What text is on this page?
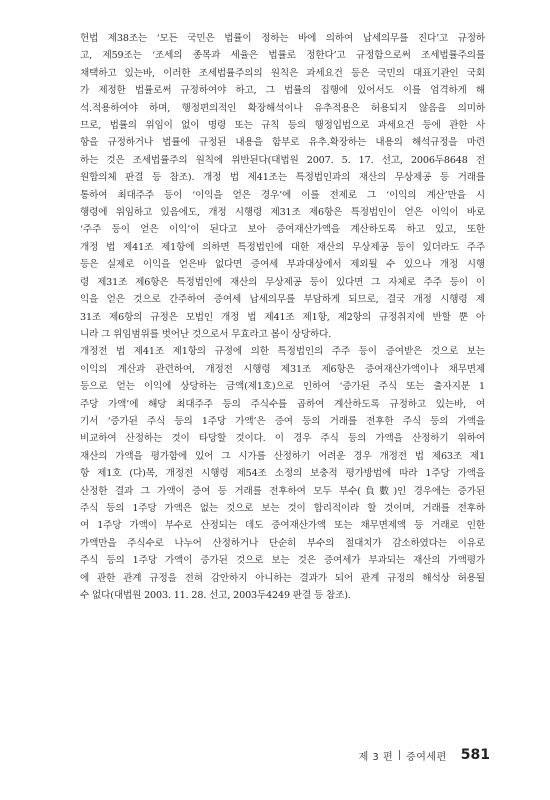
헌법 제38조는 ‘모든 국민은 법률이 정하는 바에 의하여 납세의무를 진다’고 규정하
고, 제59조는 ‘조세의 종목과 세율은 법률로 정한다’고 규정함으로써 조세법률주의를
채택하고 있는바, 이러한 조세법률주의의 원칙은 과세요건 등은 국민의 대표기관인 국회
가 제정한 법률로써 규정하여야 하고, 그 법률의 집행에 있어서도 이를 엄격하게 해
석.적용하여야 하며, 행정편의적인 확장해석이나 유추적용은 허용되지 않음을 의미하
므로, 법률의 위임이 없이 명령 또는 규칙 등의 행정입법으로 과세요건 등에 관한 사
항을 규정하거나 법률에 규정된 내용을 함부로 유추.확장하는 내용의 해석규정을 마련
하는 것은 조세법률주의 원칙에 위반된다(대법원 2007. 5. 17. 선고, 2006두8648 전
원합의체 판결 등 참조). 개정 법 제41조는 특정법인과의 재산의 무상제공 등 거래를
통하여 최대주주 등이 ‘이익을 얻은 경우’에 이를 전제로 그 ‘이익의 계산’만을 시
행령에 위임하고 있음에도, 개정 시행령 제31조 제6항은 특정법인이 얻은 이익이 바로
‘주주 등이 얻은 이익’이 된다고 보아 증여재산가액을 계산하도록 하고 있고, 또한
개정 법 제41조 제1항에 의하면 특정법인에 대한 재산의 무상제공 등이 있더라도 주주
등은 실제로 이익을 얻은바 없다면 증여세 부과대상에서 제외될 수 있으나 개정 시행
령 제31조 제6항은 특정법인에 재산의 무상제공 등이 있다면 그 자체로 주주 등이 이
익을 얻은 것으로 간주하여 증여세 납세의무를 부담하게 되므로, 결국 개정 시행령 제
31조 제6항의 규정은 모법인 개정 법 제41조 제1항, 제2항의 규정취지에 반할 뿐 아
니라 그 위임범위를 벗어난 것으로서 무효라고 봄이 상당하다.
개정전 법 제41조 제1항의 규정에 의한 특정법인의 주주 등이 증여받은 것으로 보는
이익의 계산과 관련하여, 개정전 시행령 제31조 제6항은 증여재산가액이나 채무면제
등으로 얻는 이익에 상당하는 금액(제1호)으로 인하여 ‘증가된 주식 또는 출자지분 1
주당 가액’에 해당 최대주주 등의 주식수를 곱하여 계산하도록 규정하고 있는바, 여
기서 ‘증가된 주식 등의 1주당 가액’은 증여 등의 거래를 전후한 주식 등의 가액을
비교하여 산정하는 것이 타당할 것이다. 이 경우 주식 등의 가액을 산정하기 위하여
재산의 가액을 평가함에 있어 그 시가를 산정하기 어려운 경우 개정전 법 제63조 제1
항 제1호 (다)목, 개정전 시행령 제54조 소정의 보충적 평가방법에 따라 1주당 가액을
산정한 결과 그 가액이 증여 등 거래를 전후하여 모두 부수(負數)인 경우에는 증가된
주식 등의 1주당 가액은 없는 것으로 보는 것이 합리적이라 할 것이며, 거래를 전후하
여 1주당 가액이 부수로 산정되는 데도 증여재산가액 또는 채무면제액 등 거래로 인한
가액만을 주식수로 나누어 산정하거나 단순히 부수의 절대치가 감소하였다는 이유로
주식 등의 1주당 가액이 증가된 것으로 보는 것은 증여세가 부과되는 재산의 가액평가
에 관한 관계 규정을 전혀 감안하지 아니하는 결과가 되어 관계 규정의 해석상 허용될
수 없다(대법원 2003. 11. 28. 선고, 2003두4249 판결 등 참조).
제 3 편 증여세편 581
